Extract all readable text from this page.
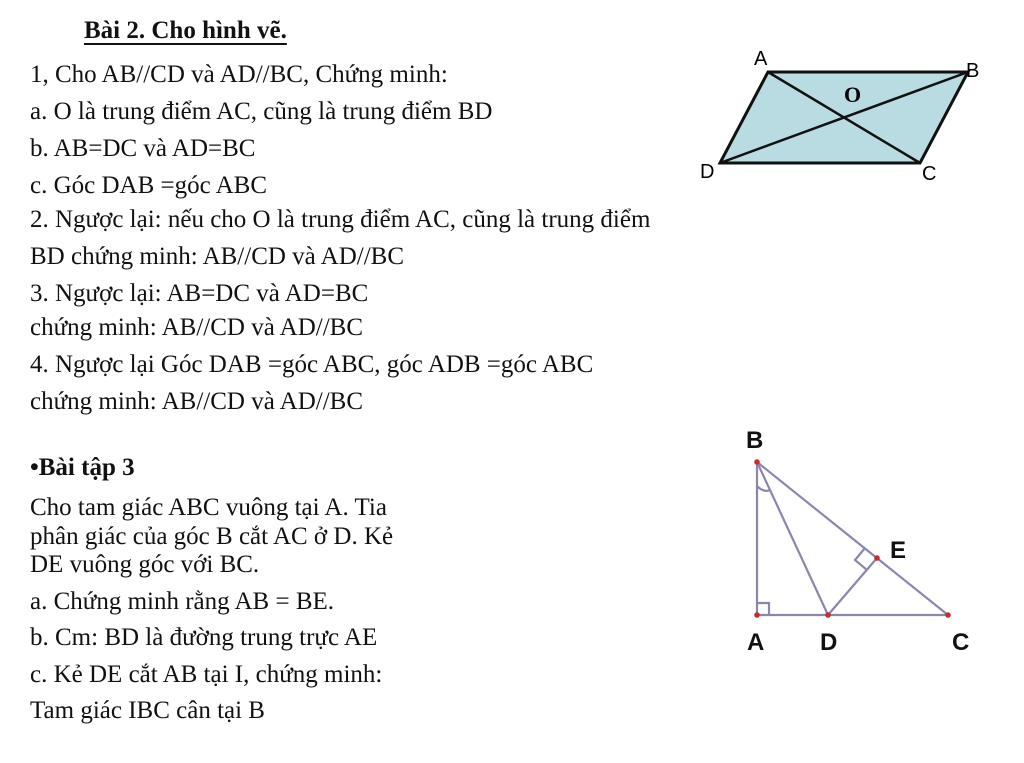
Bài 2. Cho hình vẽ.
1, Cho AB//CD và AD//BC, Chứng minh:
a. O là trung điểm AC, cũng là trung điểm BD
b. AB=DC và AD=BC
c. Góc DAB =góc ABC
2. Ngược lại: nếu cho O là trung điểm AC, cũng là trung điểm
BD chứng minh: AB//CD và AD//BC
3. Ngược lại: AB=DC và AD=BC
chứng minh: AB//CD và AD//BC
4. Ngược lại Góc DAB =góc ABC, góc ADB =góc ABC
chứng minh: AB//CD và AD//BC
A
B
C
D
O
•Bài tập 3
Cho tam giác ABC vuông tại A. Tia
phân giác của góc B cắt AC ở D. Kẻ
DE vuông góc với BC.
a. Chứng minh rằng AB = BE.
b. Cm: BD là đường trung trực AE
c. Kẻ DE cắt AB tại I, chứng minh:
Tam giác IBC cân tại B
B
E
A D	C
